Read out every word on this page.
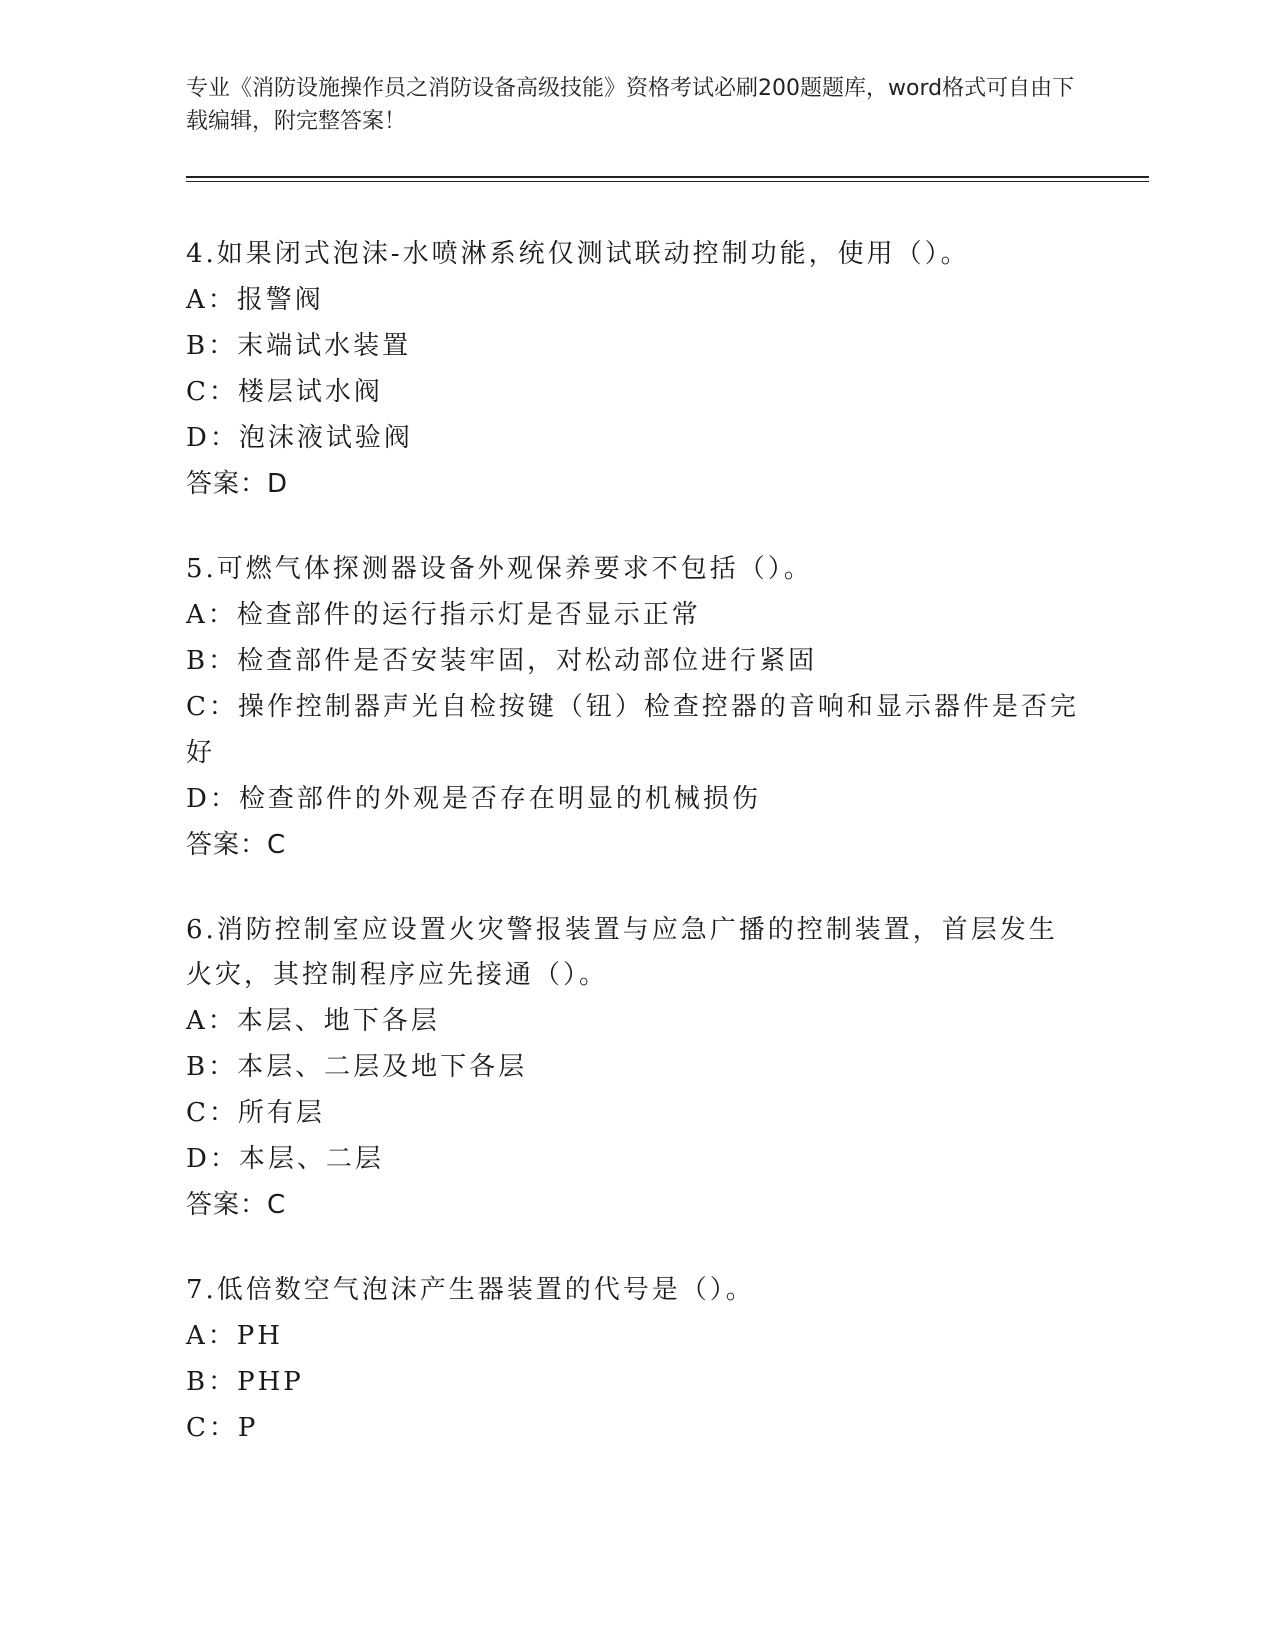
专业《消防设施操作员之消防设备高级技能》资格考试必刷200题题库，word格式可自由下载编辑，附完整答案！
4.如果闭式泡沫-水喷淋系统仅测试联动控制功能，使用（）。
A：报警阀
B：末端试水装置
C：楼层试水阀
D：泡沫液试验阀
答案：D
5.可燃气体探测器设备外观保养要求不包括（）。
A：检查部件的运行指示灯是否显示正常
B：检查部件是否安装牢固，对松动部位进行紧固
C：操作控制器声光自检按键（钮）检查控器的音响和显示器件是否完好
D：检查部件的外观是否存在明显的机械损伤
答案：C
6.消防控制室应设置火灾警报装置与应急广播的控制装置，首层发生火灾，其控制程序应先接通（）。
A：本层、地下各层
B：本层、二层及地下各层
C：所有层
D：本层、二层
答案：C
7.低倍数空气泡沫产生器装置的代号是（）。
A：PH
B：PHP
C：P
